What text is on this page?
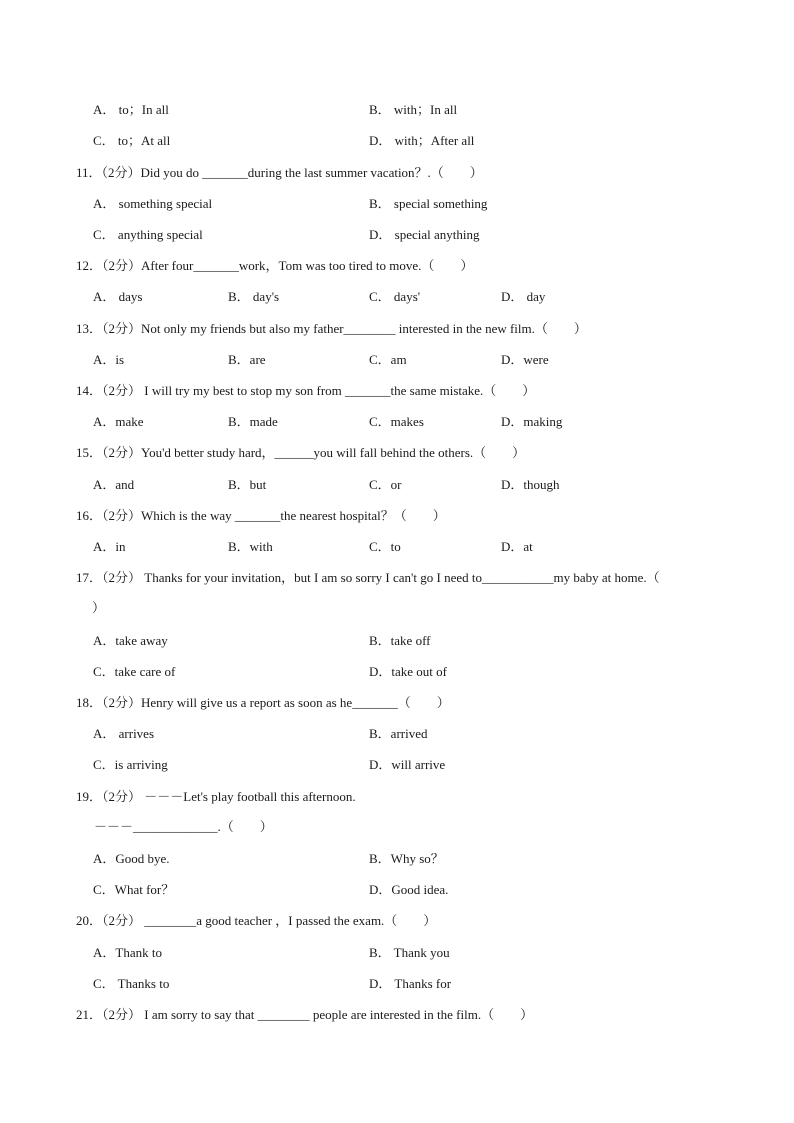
A． to；In all	B． with；In all
C． to；At all	D． with；After all
11．（2分）Did you do _______during the last summer vacation？.（　　）
A． something special	B． special something
C． anything special	D． special anything
12．（2分）After four_______work，Tom was too tired to move.（　　）
A． days	B． day's	C． days'	D． day
13．（2分）Not only my friends but also my father________ interested in the new film.（　　）
A．is	B．are	C．am	D．were
14．（2分） I will try my best to stop my son from _______the same mistake.（　　）
A．make	B．made	C．makes	D．making
15．（2分）You'd better study hard，______you will fall behind the others.（　　）
A．and	B．but	C．or	D．though
16．（2分）Which is the way _______the nearest hospital？（　　）
A．in	B．with	C．to	D．at
17．（2分） Thanks for your invitation，but I am so sorry I can't go I need to___________my baby at home.（
）
A．take away	B．take off
C．take care of	D．take out of
18．（2分）Henry will give us a report as soon as he_______（　　）
A． arrives	B．arrived
C．is arriving	D．will arrive
19．（2分） －－－Let's play football this afternoon.
－－－_____________.（　　）
A．Good bye.	B．Why so？
C．What for？	D．Good idea.
20．（2分） ________a good teacher ，I passed the exam.（　　）
A．Thank to	B． Thank you
C． Thanks to	D． Thanks for
21．（2分） I am sorry to say that ________ people are interested in the film.（　　）
